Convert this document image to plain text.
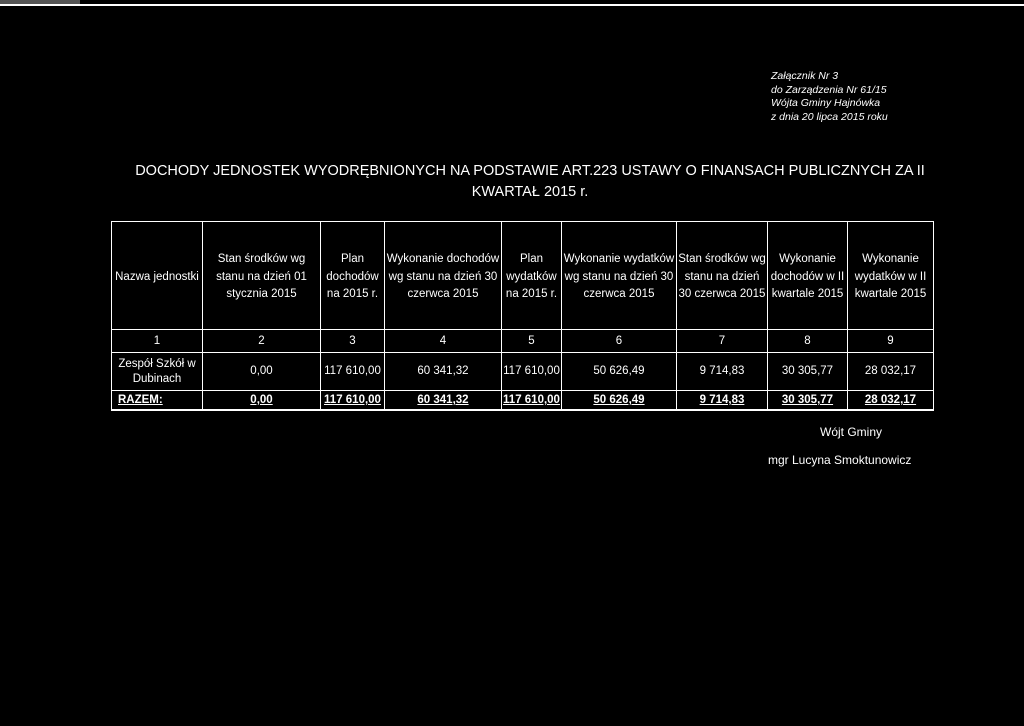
Załącznik Nr 3
do Zarządzenia Nr 61/15
Wójta Gminy Hajnówka
z dnia 20 lipca 2015 roku
DOCHODY JEDNOSTEK WYODRĘBNIONYCH NA PODSTAWIE ART.223 USTAWY O FINANSACH PUBLICZNYCH ZA II
KWARTAŁ 2015 r.
Nazwa jednostki	Stan środków wg stanu na dzień 01 stycznia 2015	Plan dochodów na 2015 r.	Wykonanie dochodów wg stanu na dzień 30 czerwca 2015	Plan wydatków na 2015 r.	Wykonanie wydatków wg stanu na dzień 30 czerwca 2015	Stan środków wg stanu na dzień 30 czerwca 2015	Wykonanie dochodów w II kwartale 2015	Wykonanie wydatków w II kwartale 2015
1	2	3	4	5	6	7	8	9
Zespół Szkół w Dubinach	0,00	117 610,00	60 341,32	117 610,00	50 626,49	9 714,83	30 305,77	28 032,17
RAZEM:	0,00	117 610,00	60 341,32	117 610,00	50 626,49	9 714,83	30 305,77	28 032,17
Wójt Gminy
mgr Lucyna Smoktunowicz
